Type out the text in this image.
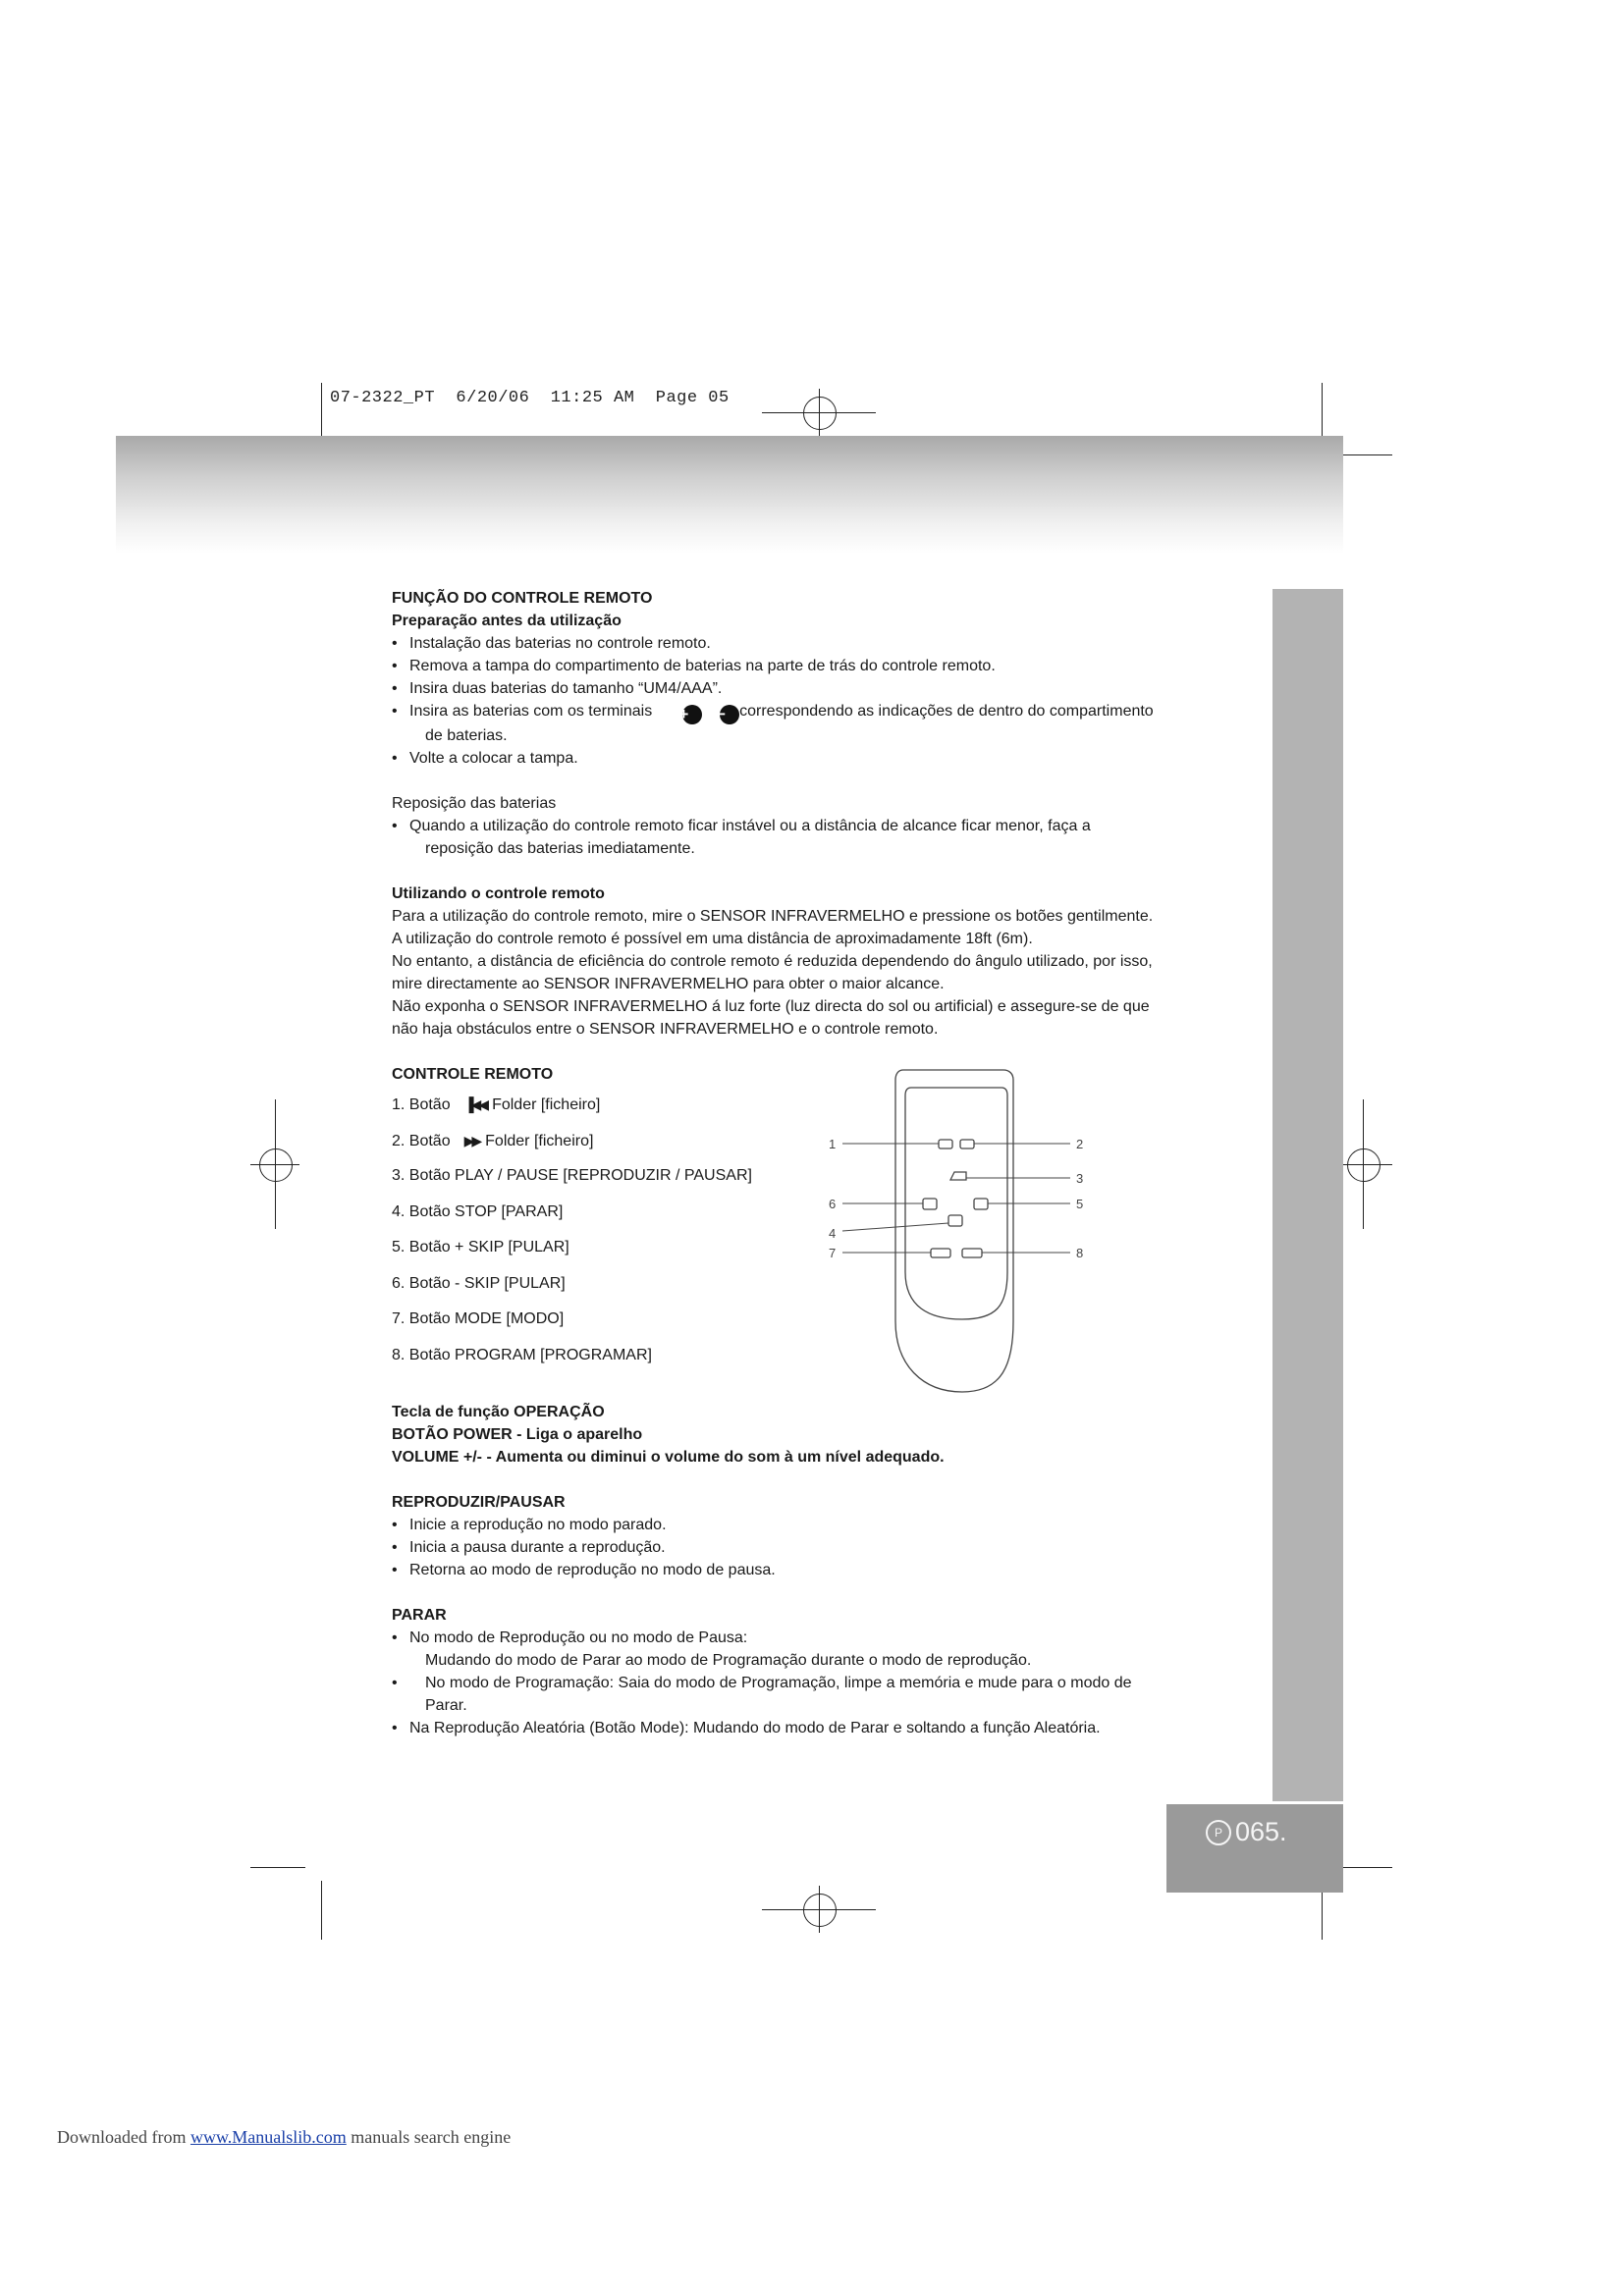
07-2322_PT  6/20/06  11:25 AM  Page 05
P 065.

FUNÇÃO DO CONTROLE REMOTO

Preparação antes da utilização

• Instalação das baterias no controle remoto.

• Remova a tampa do compartimento de baterias na parte de trás do controle remoto.

• Insira duas baterias do tamanho “UM4/AAA”.

• Insira as baterias com os terminais + − correspondendo as indicações de dentro do compartimento

de baterias.

• Volte a colocar a tampa.

Reposição das baterias

• Quando a utilização do controle remoto ficar instável ou a distância de alcance ficar menor, faça a

reposição das baterias imediatamente.

Utilizando o controle remoto

Para a utilização do controle remoto, mire o SENSOR INFRAVERMELHO e pressione os botões gentilmente.

A utilização do controle remoto é possível em uma distância de aproximadamente 18ft (6m).

No entanto, a distância de eficiência do controle remoto é reduzida dependendo do ângulo utilizado, por isso,

mire directamente ao SENSOR INFRAVERMELHO para obter o maior alcance.

Não exponha o SENSOR INFRAVERMELHO á luz forte (luz directa do sol ou artificial) e assegure-se de que

não haja obstáculos entre o SENSOR INFRAVERMELHO e o controle remoto.

CONTROLE REMOTO

1. Botão ▐◀◀ Folder [ficheiro]

2. Botão ▶▶ Folder [ficheiro]

3. Botão PLAY / PAUSE [REPRODUZIR / PAUSAR]

4. Botão STOP [PARAR]

5. Botão + SKIP [PULAR]

6. Botão - SKIP [PULAR]

7. Botão MODE [MODO]

8. Botão PROGRAM [PROGRAMAR]

Tecla de função OPERAÇÃO

BOTÃO POWER - Liga o aparelho

VOLUME +/- - Aumenta ou diminui o volume do som à um nível adequado.

REPRODUZIR/PAUSAR

• Inicie a reprodução no modo parado.

• Inicia a pausa durante a reprodução.

• Retorna ao modo de reprodução no modo de pausa.

PARAR

• No modo de Reprodução ou no modo de Pausa:

Mudando do modo de Parar ao modo de Programação durante o modo de reprodução.

• No modo de Programação: Saia do modo de Programação, limpe a memória e mude para o modo de

Parar.

• Na Reprodução Aleatória (Botão Mode): Mudando do modo de Parar e soltando a função Aleatória.

1	2
3
5
6
4
7	8
Downloaded from www.Manualslib.com manuals search engine
